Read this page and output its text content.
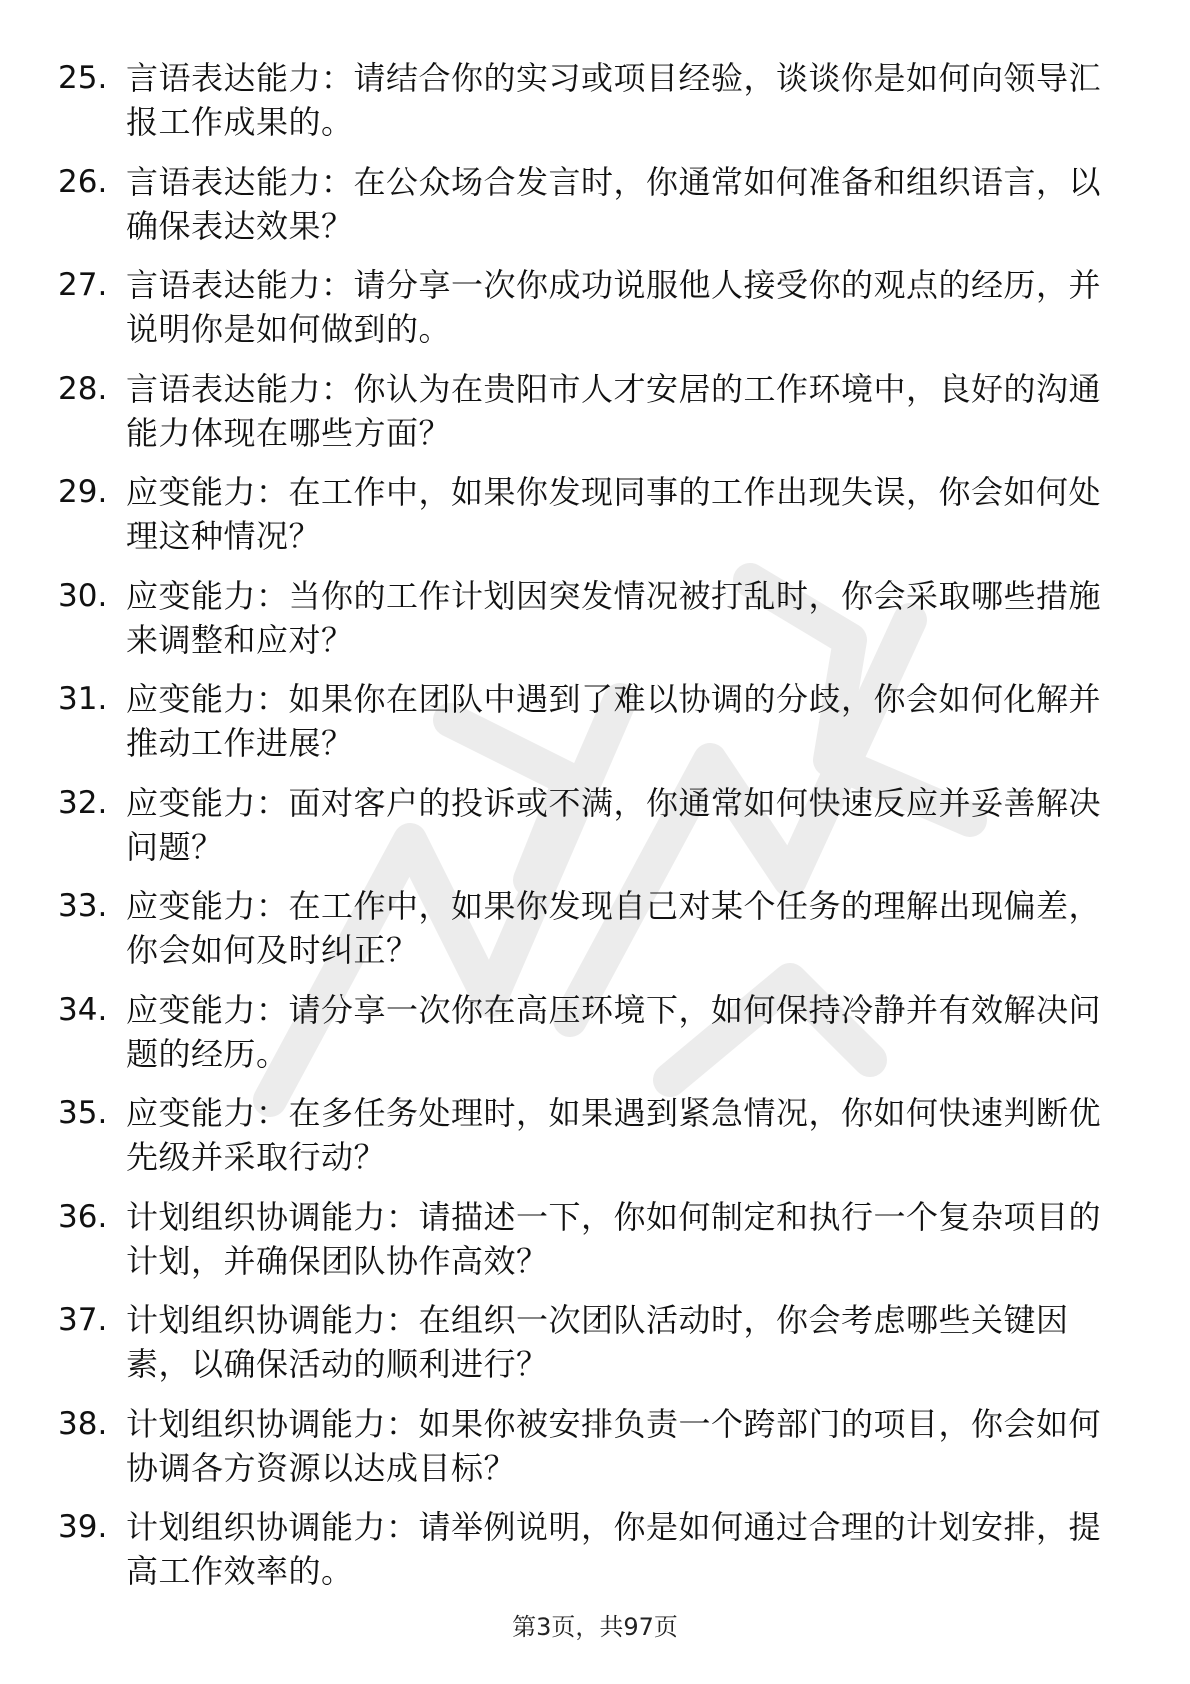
25. 言语表达能力：请结合你的实习或项目经验，谈谈你是如何向领导汇报工作成果的。
26. 言语表达能力：在公众场合发言时，你通常如何准备和组织语言，以确保表达效果？
27. 言语表达能力：请分享一次你成功说服他人接受你的观点的经历，并说明你是如何做到的。
28. 言语表达能力：你认为在贵阳市人才安居的工作环境中，良好的沟通能力体现在哪些方面？
29. 应变能力：在工作中，如果你发现同事的工作出现失误，你会如何处理这种情况？
30. 应变能力：当你的工作计划因突发情况被打乱时，你会采取哪些措施来调整和应对？
31. 应变能力：如果你在团队中遇到了难以协调的分歧，你会如何化解并推动工作进展？
32. 应变能力：面对客户的投诉或不满，你通常如何快速反应并妥善解决问题？
33. 应变能力：在工作中，如果你发现自己对某个任务的理解出现偏差，你会如何及时纠正？
34. 应变能力：请分享一次你在高压环境下，如何保持冷静并有效解决问题的经历。
35. 应变能力：在多任务处理时，如果遇到紧急情况，你如何快速判断优先级并采取行动？
36. 计划组织协调能力：请描述一下，你如何制定和执行一个复杂项目的计划，并确保团队协作高效？
37. 计划组织协调能力：在组织一次团队活动时，你会考虑哪些关键因素，以确保活动的顺利进行？
38. 计划组织协调能力：如果你被安排负责一个跨部门的项目，你会如何协调各方资源以达成目标？
39. 计划组织协调能力：请举例说明，你是如何通过合理的计划安排，提高工作效率的。
第3页，共97页
